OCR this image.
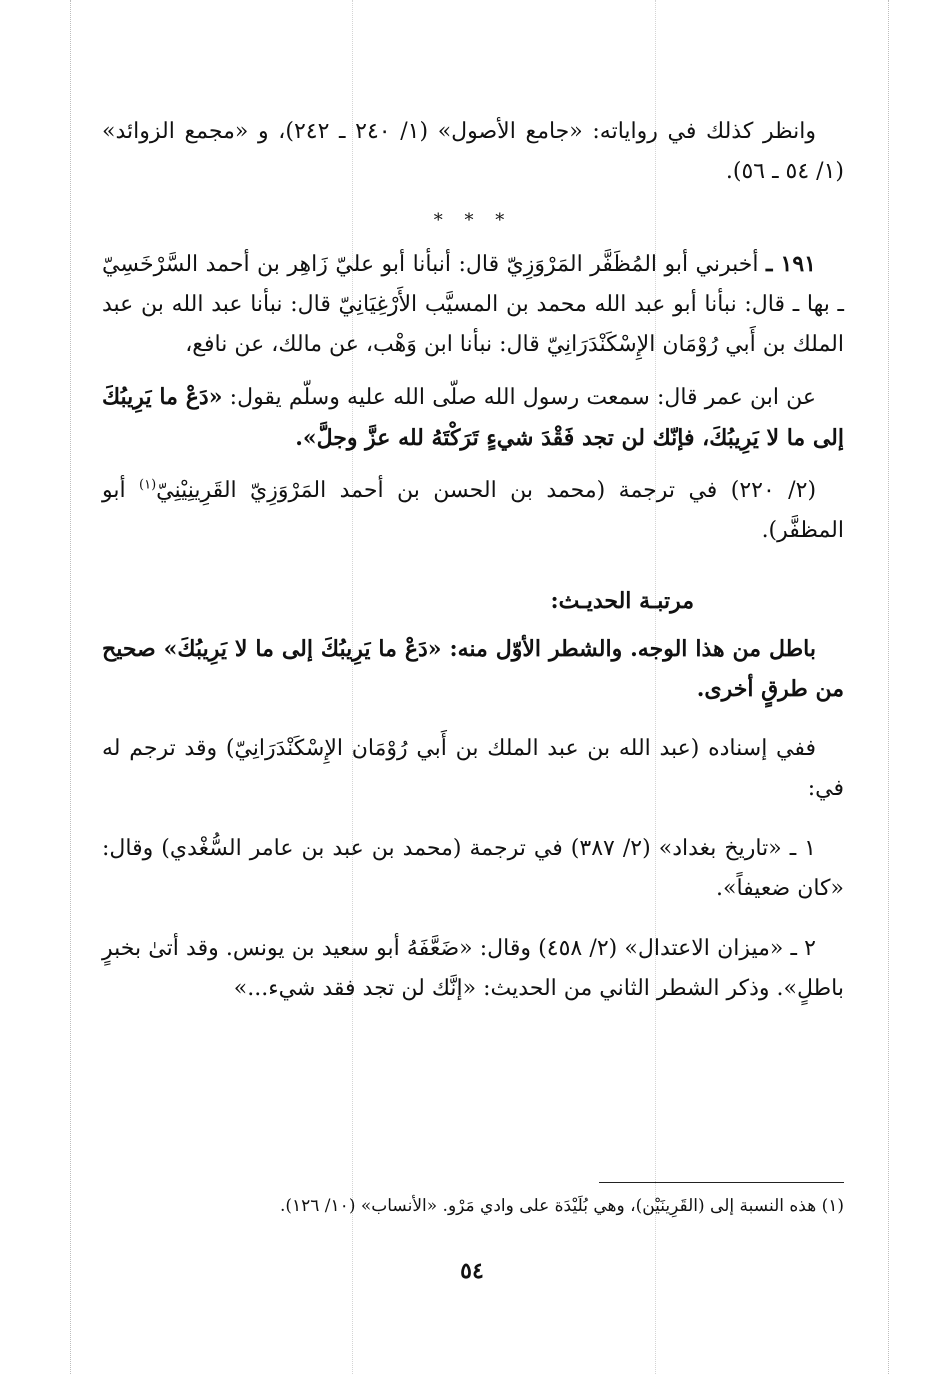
وانظر كذلك في رواياته: «جامع الأصول» (١/ ٢٤٠ ـ ٢٤٢)، و «مجمع الزوائد» (١/ ٥٤ ـ ٥٦).

* * *

١٩١ ـ أخبرني أبو المُظَفَّر المَرْوَزِيّ قال: أنبأنا أبو عليّ زَاهِر بن أحمد السَّرْخَسِيّ ـ بها ـ قال: نبأنا أبو عبد الله محمد بن المسيَّب الأَرْغِيَانِيّ قال: نبأنا عبد الله بن عبد الملك بن أَبي رُوْمَان الإِسْكَنْدَرَانِيّ قال: نبأنا ابن وَهْب، عن مالك، عن نافع،

عن ابن عمر قال: سمعت رسول الله صلّى الله عليه وسلّم يقول: «دَعْ ما يَرِيبُكَ إلى ما لا يَرِيبُكَ، فإنّك لن تجد فَقْدَ شيءٍ تَرَكْتَهُ لله عزَّ وجلَّ».

(٢/ ٢٢٠) في ترجمة (محمد بن الحسن بن أحمد المَرْوَزِيّ القَرِينِيْنِيّ$^{(١)}$ أبو المظفَّر).

مرتبـة الحديـث:

باطل من هذا الوجه. والشطر الأوّل منه: «دَعْ ما يَرِيبُكَ إلى ما لا يَرِيبُكَ» صحيح من طرقٍ أخرى.

ففي إسناده (عبد الله بن عبد الملك بن أَبي رُوْمَان الإِسْكَنْدَرَانِيّ) وقد ترجم له في:

١ ـ «تاريخ بغداد» (٢/ ٣٨٧) في ترجمة (محمد بن عبد بن عامر السُّغْدي) وقال: «كان ضعيفاً».

٢ ـ «ميزان الاعتدال» (٢/ ٤٥٨) وقال: «ضَعَّفَهُ أبو سعيد بن يونس. وقد أتىٰ بخبرٍ باطلٍ». وذكر الشطر الثاني من الحديث: «إنَّك لن تجد فقد شيء...»

(١) هذه النسبة إلى (القَرِينَيْن)، وهي بُلَيْدَة على وادي مَرْو. «الأنساب» (١٠/ ١٢٦).
٥٤
